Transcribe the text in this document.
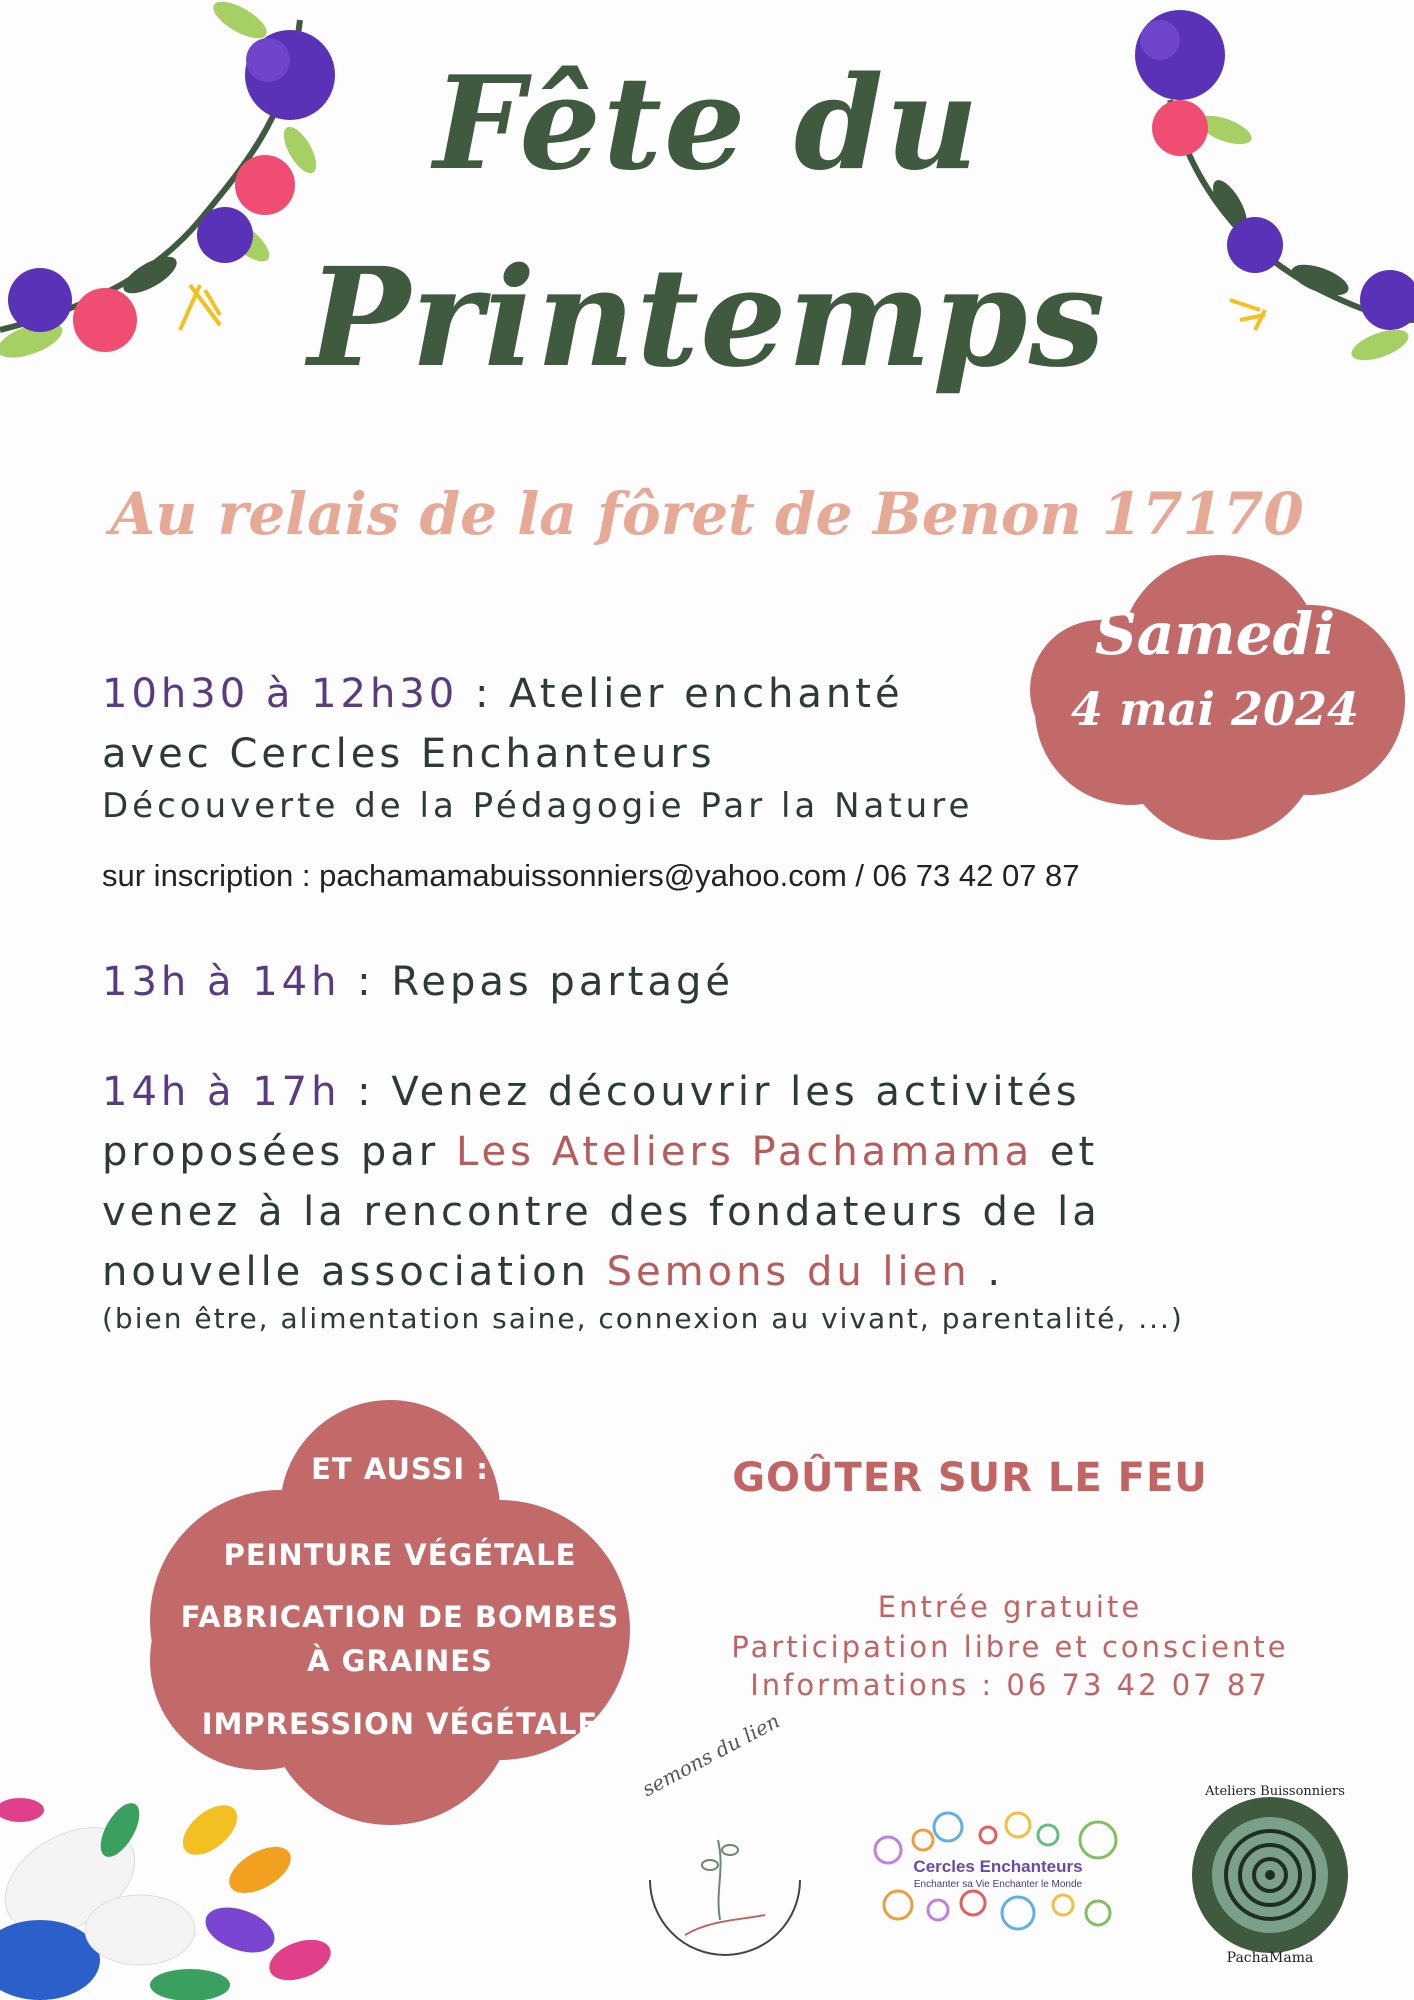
Fête du
Printemps
Au relais de la fôret de Benon 17170
Samedi
4 mai 2024
10h30 à 12h30 : Atelier enchanté
avec Cercles Enchanteurs
Découverte de la Pédagogie Par la Nature
sur inscription : pachamamabuissonniers@yahoo.com / 06 73 42 07 87
13h à 14h : Repas partagé
14h à 17h : Venez découvrir les activités
proposées par Les Ateliers Pachamama et
venez à la rencontre des fondateurs de la
nouvelle association Semons du lien .
(bien être, alimentation saine, connexion au vivant, parentalité, ...)
ET AUSSI :
PEINTURE VÉGÉTALE
FABRICATION DE BOMBES
À GRAINES
IMPRESSION VÉGÉTALE
GOÛTER SUR LE FEU
Entrée gratuite
Participation libre et consciente
Informations : 06 73 42 07 87
semons du lien
Cercles Enchanteurs
Enchanter sa Vie Enchanter le Monde
Ateliers Buissonniers
PachaMama
